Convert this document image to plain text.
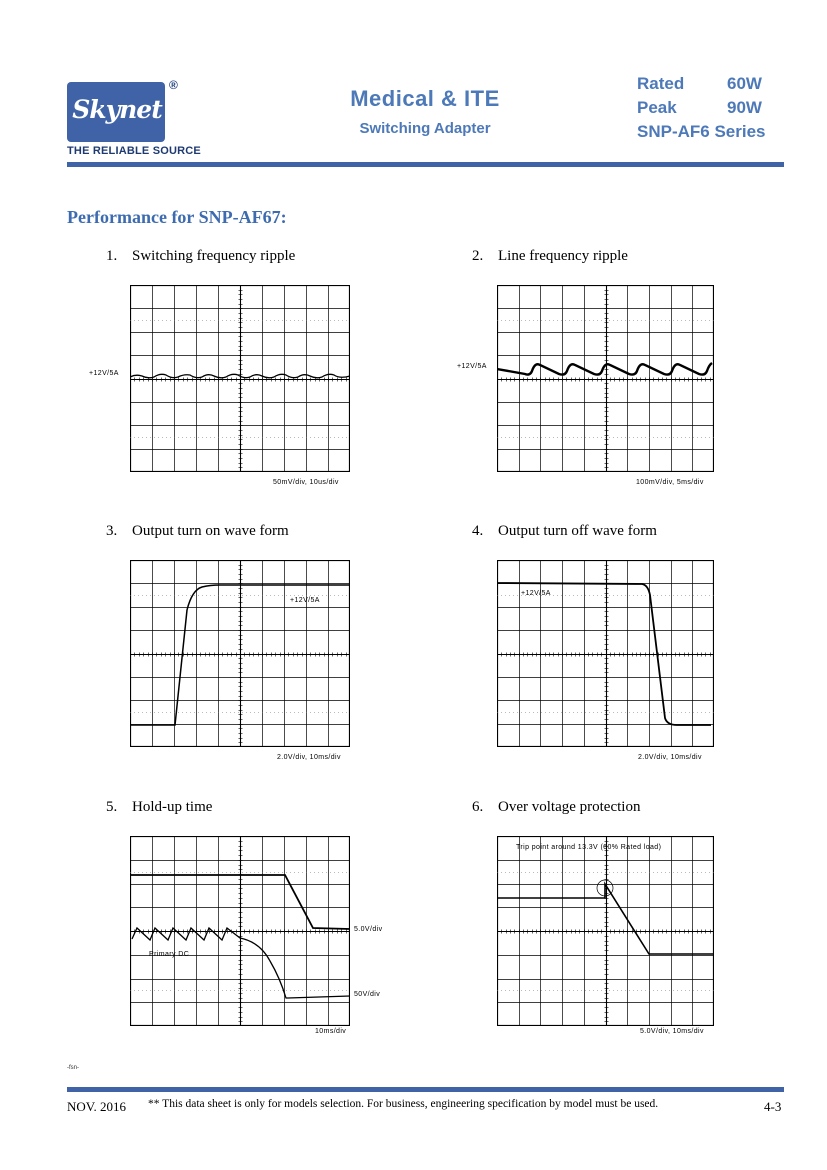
Skynet
®
THE RELIABLE SOURCE
Medical & ITE
Switching Adapter
Rated	60W
Peak	90W
SNP-AF6 Series
Performance for SNP-AF67:
1. Switching frequency ripple	2. Line frequency ripple
3. Output turn on wave form	4. Output turn off wave form
5. Hold-up time	6. Over voltage protection
+12V/5A
50mV/div, 10us/div
+12V/5A
100mV/div, 5ms/div
+12V/5A
2.0V/div, 10ms/div
+12V/5A
2.0V/div, 10ms/div
Primary DC
5.0V/div
50V/div
10ms/div
Trip point around 13.3V (60% Rated load)
5.0V/div, 10ms/div
-fsn-
NOV. 2016 ** This data sheet is only for models selection. For business, engineering specification by model must be used.	4-3
